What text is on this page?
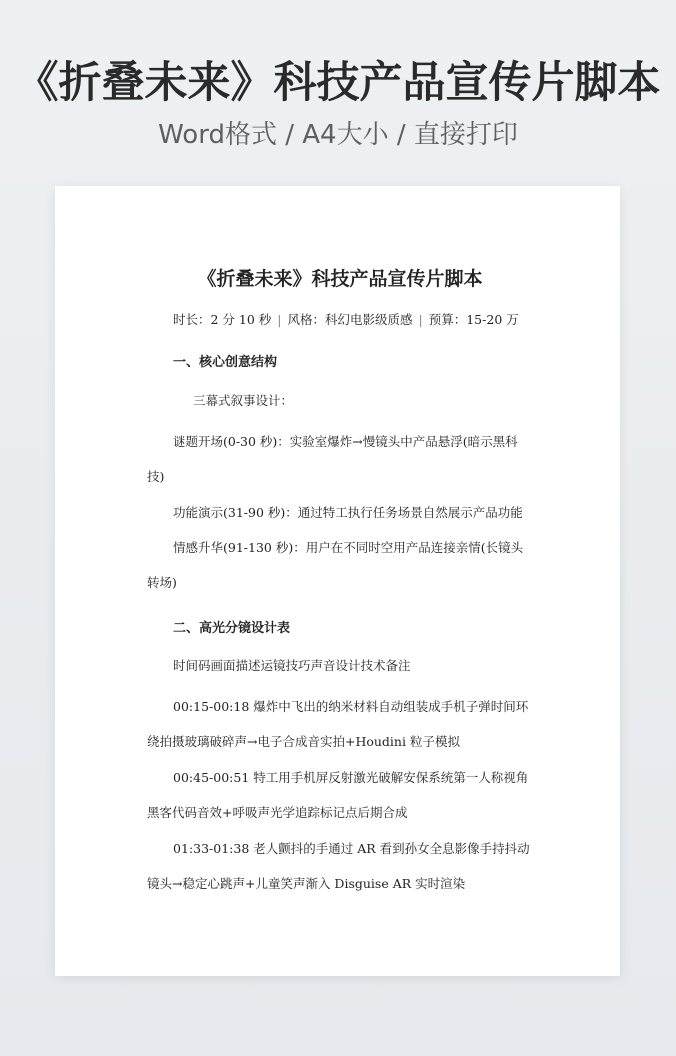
《折叠未来》科技产品宣传片脚本
Word格式 / A4大小 / 直接打印
《折叠未来》科技产品宣传片脚本
时长：2 分 10 秒 | 风格：科幻电影级质感 | 预算：15-20 万
一、核心创意结构
三幕式叙事设计：
谜题开场(0-30 秒)：实验室爆炸→慢镜头中产品悬浮(暗示黑科技)
功能演示(31-90 秒)：通过特工执行任务场景自然展示产品功能
情感升华(91-130 秒)：用户在不同时空用产品连接亲情(长镜头转场)
二、高光分镜设计表
时间码画面描述运镜技巧声音设计技术备注
00:15-00:18 爆炸中飞出的纳米材料自动组装成手机子弹时间环绕拍摄玻璃破碎声→电子合成音实拍+Houdini 粒子模拟
00:45-00:51 特工用手机屏反射激光破解安保系统第一人称视角黑客代码音效+呼吸声光学追踪标记点后期合成
01:33-01:38 老人颤抖的手通过 AR 看到孙女全息影像手持抖动镜头→稳定心跳声+儿童笑声渐入 Disguise AR 实时渲染
